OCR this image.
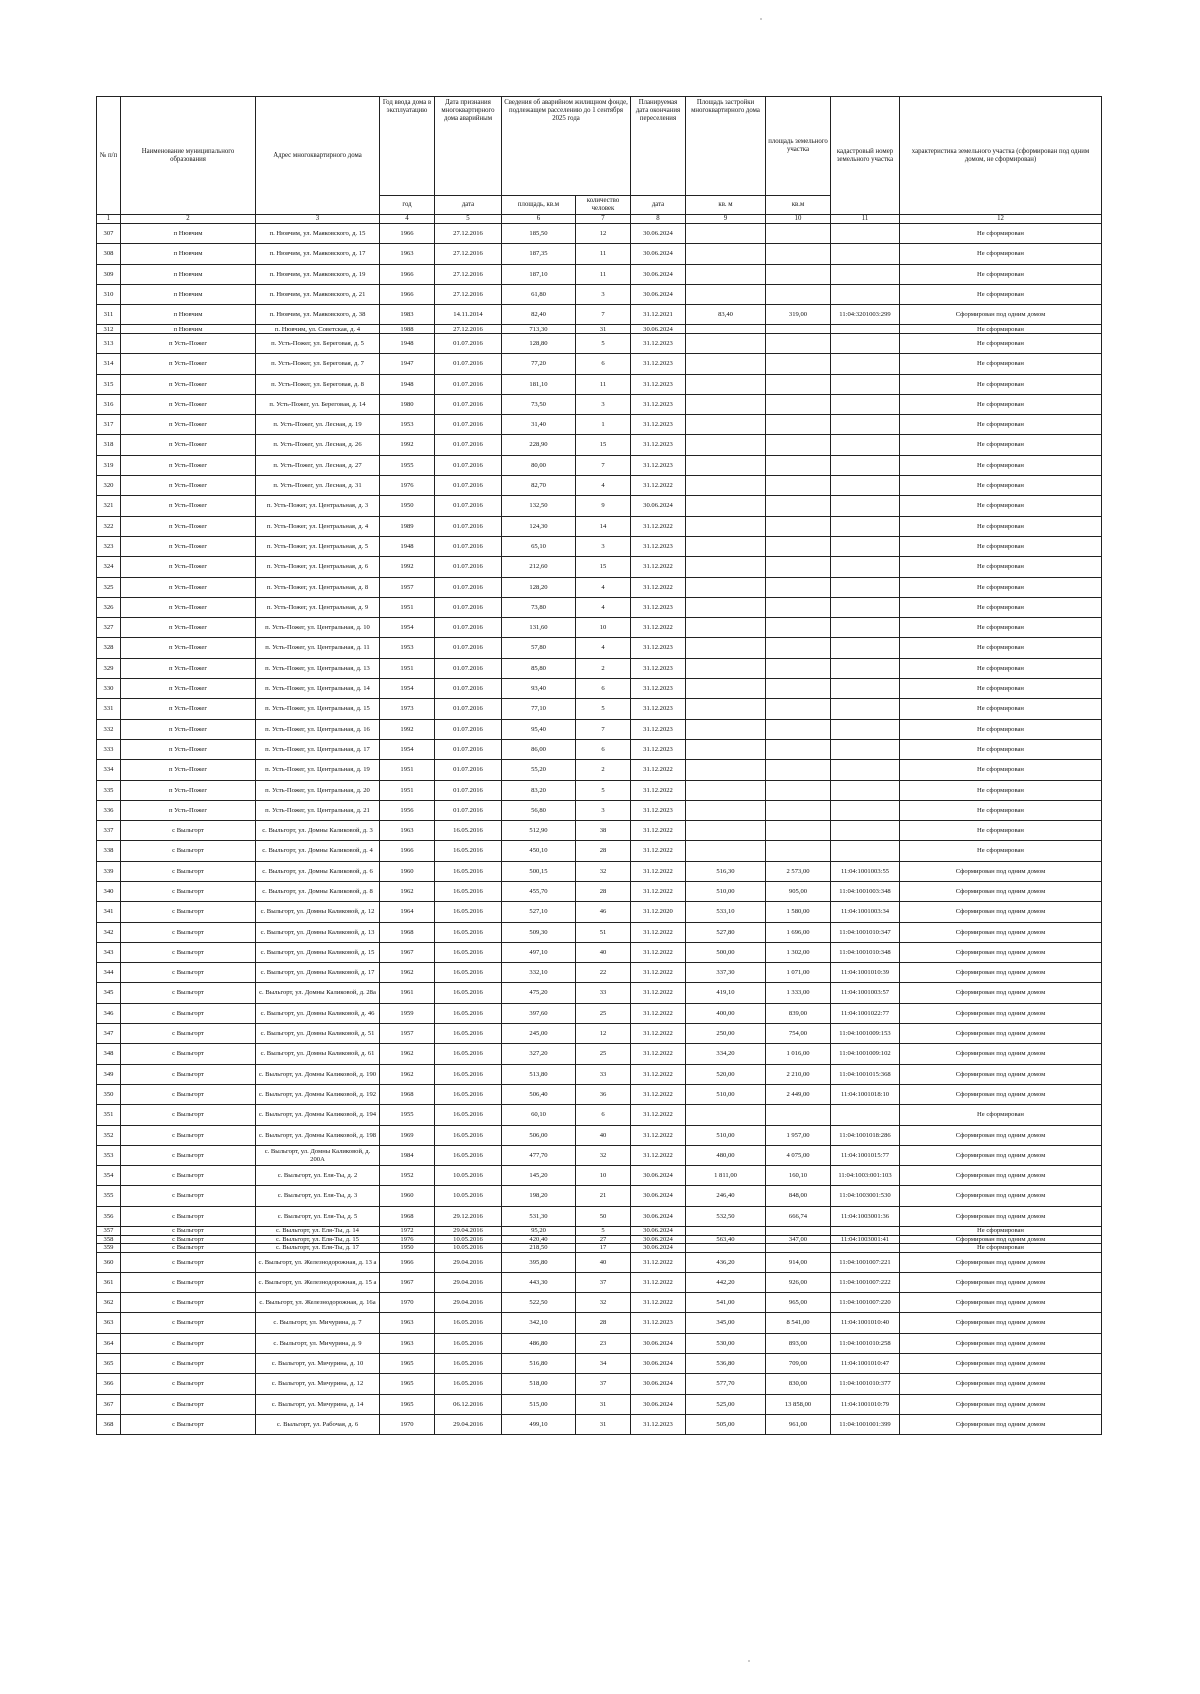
№ п/п	Наименование муниципального образования	Адрес многоквартирного дома	Год ввода дома в эксплуатацию	Дата признания многоквартирного дома аварийным	Сведения об аварийном жилищном фонде, подлежащем расселению до 1 сентября 2025 года		Планируемая дата окончания переселения	Площадь застройки многоквартирного дома	площадь земельного участка	кадастровый номер земельного участка	характеристика земельного участка (сформирован под одним домом, не сформирован)
			год	дата	площадь, кв.м	количество человек	дата	кв. м	кв.м		
1	2	3	4	5	6	7	8	9	10	11	12
307	п Нювчим	п. Нювчим, ул. Маяковского, д. 15	1966	27.12.2016	185,50	12	30.06.2024				Не сформирован
308	п Нювчим	п. Нювчим, ул. Маяковского, д. 17	1963	27.12.2016	187,35	11	30.06.2024				Не сформирован
309	п Нювчим	п. Нювчим, ул. Маяковского, д. 19	1966	27.12.2016	187,10	11	30.06.2024				Не сформирован
310	п Нювчим	п. Нювчим, ул. Маяковского, д. 21	1966	27.12.2016	61,80	3	30.06.2024				Не сформирован
311	п Нювчим	п. Нювчим, ул. Маяковского, д. 38	1983	14.11.2014	82,40	7	31.12.2021	83,40	319,00	11:04:3201003:299	Сформирован под одним домом
312	п Нювчим	п. Нювчим, ул. Советская, д. 4	1988	27.12.2016	713,30	31	30.06.2024				Не сформирован
313	п Усть-Пожег	п. Усть-Пожег, ул. Береговая, д. 5	1948	01.07.2016	128,80	5	31.12.2023				Не сформирован
314	п Усть-Пожег	п. Усть-Пожег, ул. Береговая, д. 7	1947	01.07.2016	77,20	6	31.12.2023				Не сформирован
315	п Усть-Пожег	п. Усть-Пожег, ул. Береговая, д. 8	1948	01.07.2016	181,10	11	31.12.2023				Не сформирован
316	п Усть-Пожег	п. Усть-Пожег, ул. Береговая, д. 14	1980	01.07.2016	73,50	3	31.12.2023				Не сформирован
317	п Усть-Пожег	п. Усть-Пожег, ул. Лесная, д. 19	1953	01.07.2016	31,40	1	31.12.2023				Не сформирован
318	п Усть-Пожег	п. Усть-Пожег, ул. Лесная, д. 26	1992	01.07.2016	228,90	15	31.12.2023				Не сформирован
319	п Усть-Пожег	п. Усть-Пожег, ул. Лесная, д. 27	1955	01.07.2016	80,00	7	31.12.2023				Не сформирован
320	п Усть-Пожег	п. Усть-Пожег, ул. Лесная, д. 31	1976	01.07.2016	82,70	4	31.12.2022				Не сформирован
321	п Усть-Пожег	п. Усть-Пожег, ул. Центральная, д. 3	1950	01.07.2016	132,50	9	30.06.2024				Не сформирован
322	п Усть-Пожег	п. Усть-Пожег, ул. Центральная, д. 4	1989	01.07.2016	124,30	14	31.12.2022				Не сформирован
323	п Усть-Пожег	п. Усть-Пожег, ул. Центральная, д. 5	1948	01.07.2016	65,10	3	31.12.2023				Не сформирован
324	п Усть-Пожег	п. Усть-Пожег, ул. Центральная, д. 6	1992	01.07.2016	212,60	15	31.12.2022				Не сформирован
325	п Усть-Пожег	п. Усть-Пожег, ул. Центральная, д. 8	1957	01.07.2016	128,20	4	31.12.2022				Не сформирован
326	п Усть-Пожег	п. Усть-Пожег, ул. Центральная, д. 9	1951	01.07.2016	73,80	4	31.12.2023				Не сформирован
327	п Усть-Пожег	п. Усть-Пожег, ул. Центральная, д. 10	1954	01.07.2016	131,60	10	31.12.2022				Не сформирован
328	п Усть-Пожег	п. Усть-Пожег, ул. Центральная, д. 11	1953	01.07.2016	57,80	4	31.12.2023				Не сформирован
329	п Усть-Пожег	п. Усть-Пожег, ул. Центральная, д. 13	1951	01.07.2016	85,80	2	31.12.2023				Не сформирован
330	п Усть-Пожег	п. Усть-Пожег, ул. Центральная, д. 14	1954	01.07.2016	93,40	6	31.12.2023				Не сформирован
331	п Усть-Пожег	п. Усть-Пожег, ул. Центральная, д. 15	1973	01.07.2016	77,10	5	31.12.2023				Не сформирован
332	п Усть-Пожег	п. Усть-Пожег, ул. Центральная, д. 16	1992	01.07.2016	95,40	7	31.12.2023				Не сформирован
333	п Усть-Пожег	п. Усть-Пожег, ул. Центральная, д. 17	1954	01.07.2016	86,00	6	31.12.2023				Не сформирован
334	п Усть-Пожег	п. Усть-Пожег, ул. Центральная, д. 19	1951	01.07.2016	55,20	2	31.12.2022				Не сформирован
335	п Усть-Пожег	п. Усть-Пожег, ул. Центральная, д. 20	1951	01.07.2016	83,20	5	31.12.2022				Не сформирован
336	п Усть-Пожег	п. Усть-Пожег, ул. Центральная, д. 21	1956	01.07.2016	56,80	3	31.12.2023				Не сформирован
337	с Выльгорт	с. Выльгорт, ул. Домны Каликовой, д. 3	1963	16.05.2016	512,90	38	31.12.2022				Не сформирован
338	с Выльгорт	с. Выльгорт, ул. Домны Каликовой, д. 4	1966	16.05.2016	450,10	28	31.12.2022				Не сформирован
339	с Выльгорт	с. Выльгорт, ул. Домны Каликовой, д. 6	1960	16.05.2016	500,15	32	31.12.2022	516,30	2 573,00	11:04:1001003:55	Сформирован под одним домом
340	с Выльгорт	с. Выльгорт, ул. Домны Каликовой, д. 8	1962	16.05.2016	455,70	28	31.12.2022	510,00	905,00	11:04:1001003:348	Сформирован под одним домом
341	с Выльгорт	с. Выльгорт, ул. Домны Каликовой, д. 12	1964	16.05.2016	527,10	46	31.12.2020	533,10	1 580,00	11:04:1001003:34	Сформирован под одним домом
342	с Выльгорт	с. Выльгорт, ул. Домны Каликовой, д. 13	1968	16.05.2016	509,30	51	31.12.2022	527,80	1 696,00	11:04:1001010:347	Сформирован под одним домом
343	с Выльгорт	с. Выльгорт, ул. Домны Каликовой, д. 15	1967	16.05.2016	497,10	40	31.12.2022	500,00	1 302,00	11:04:1001010:348	Сформирован под одним домом
344	с Выльгорт	с. Выльгорт, ул. Домны Каликовой, д. 17	1962	16.05.2016	332,10	22	31.12.2022	337,30	1 071,00	11:04:1001010:39	Сформирован под одним домом
345	с Выльгорт	с. Выльгорт, ул. Домны Каликовой, д. 28а	1961	16.05.2016	475,20	33	31.12.2022	419,10	1 333,00	11:04:1001003:57	Сформирован под одним домом
346	с Выльгорт	с. Выльгорт, ул. Домны Каликовой, д. 46	1959	16.05.2016	397,60	25	31.12.2022	400,00	839,00	11:04:1001022:77	Сформирован под одним домом
347	с Выльгорт	с. Выльгорт, ул. Домны Каликовой, д. 51	1957	16.05.2016	245,00	12	31.12.2022	250,00	754,00	11:04:1001009:153	Сформирован под одним домом
348	с Выльгорт	с. Выльгорт, ул. Домны Каликовой, д. 61	1962	16.05.2016	327,20	25	31.12.2022	334,20	1 016,00	11:04:1001009:102	Сформирован под одним домом
349	с Выльгорт	с. Выльгорт, ул. Домны Каликовой, д. 190	1962	16.05.2016	513,80	33	31.12.2022	520,00	2 210,00	11:04:1001015:368	Сформирован под одним домом
350	с Выльгорт	с. Выльгорт, ул. Домны Каликовой, д. 192	1968	16.05.2016	506,40	36	31.12.2022	510,00	2 449,00	11:04:1001018:10	Сформирован под одним домом
351	с Выльгорт	с. Выльгорт, ул. Домны Каликовой, д. 194	1955	16.05.2016	60,10	6	31.12.2022				Не сформирован
352	с Выльгорт	с. Выльгорт, ул. Домны Каликовой, д. 198	1969	16.05.2016	506,00	40	31.12.2022	510,00	1 957,00	11:04:1001018:286	Сформирован под одним домом
353	с Выльгорт	с. Выльгорт, ул. Домны Каликовой, д. 200А	1984	16.05.2016	477,70	32	31.12.2022	480,00	4 075,00	11:04:1001015:77	Сформирован под одним домом
354	с Выльгорт	с. Выльгорт, ул. Еля-Ты, д. 2	1952	10.05.2016	145,20	10	30.06.2024	1 811,00	160,10	11:04:1003:001:103	Сформирован под одним домом
355	с Выльгорт	с. Выльгорт, ул. Еля-Ты, д. 3	1960	10.05.2016	198,20	21	30.06.2024	246,40	848,00	11:04:1003001:530	Сформирован под одним домом
356	с Выльгорт	с. Выльгорт, ул. Еля-Ты, д. 5	1968	29.12.2016	531,30	50	30.06.2024	532,50	666,74	11:04:1003001:36	Сформирован под одним домом
357	с Выльгорт	с. Выльгорт, ул. Еля-Ты, д. 14	1972	29.04.2016	95,20	5	30.06.2024				Не сформирован
358	с Выльгорт	с. Выльгорт, ул. Еля-Ты, д. 15	1976	10.05.2016	420,40	27	30.06.2024	563,40	347,00	11:04:1003001:41	Сформирован под одним домом
359	с Выльгорт	с. Выльгорт, ул. Еля-Ты, д. 17	1950	10.05.2016	218,50	17	30.06.2024				Не сформирован
360	с Выльгорт	с. Выльгорт, ул. Железнодорожная, д. 13 а	1966	29.04.2016	395,80	40	31.12.2022	436,20	914,00	11:04:1001007:221	Сформирован под одним домом
361	с Выльгорт	с. Выльгорт, ул. Железнодорожная, д. 15 а	1967	29.04.2016	443,30	37	31.12.2022	442,20	926,00	11:04:1001007:222	Сформирован под одним домом
362	с Выльгорт	с. Выльгорт, ул. Железнодорожная, д. 16а	1970	29.04.2016	522,50	32	31.12.2022	541,00	965,00	11:04:1001007:220	Сформирован под одним домом
363	с Выльгорт	с. Выльгорт, ул. Мичурина, д. 7	1963	16.05.2016	342,10	28	31.12.2023	345,00	8 541,00	11:04:1001010:40	Сформирован под одним домом
364	с Выльгорт	с. Выльгорт, ул. Мичурина, д. 9	1963	16.05.2016	486,80	23	30.06.2024	530,00	893,00	11:04:1001010:258	Сформирован под одним домом
365	с Выльгорт	с. Выльгорт, ул. Мичурина, д. 10	1965	16.05.2016	516,80	34	30.06.2024	536,80	709,00	11:04:1001010:47	Сформирован под одним домом
366	с Выльгорт	с. Выльгорт, ул. Мичурина, д. 12	1965	16.05.2016	518,00	37	30.06.2024	577,70	830,00	11:04:1001010:377	Сформирован под одним домом
367	с Выльгорт	с. Выльгорт, ул. Мичурина, д. 14	1965	06.12.2016	515,00	31	30.06.2024	525,00	13 858,00	11:04:1001010:79	Сформирован под одним домом
368	с Выльгорт	с. Выльгорт, ул. Рабочая, д. 6	1970	29.04.2016	499,10	31	31.12.2023	505,00	961,00	11:04:1001001:399	Сформирован под одним домом
